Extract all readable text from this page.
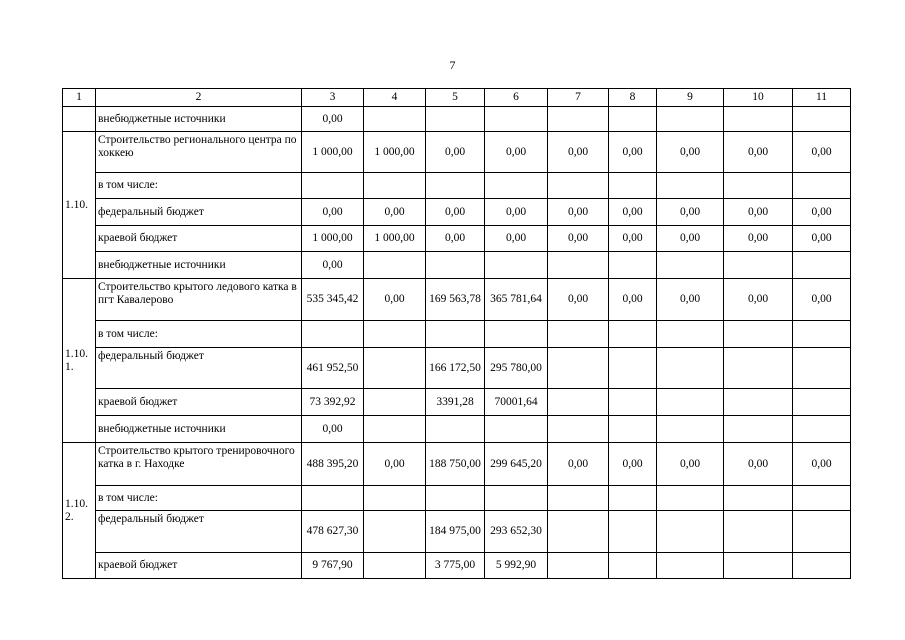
7
1	2	3	4	5	6	7	8	9	10	11
	внебюджетные источники	0,00								
1.10.	Строительство регионального центра по хоккею	1 000,00	1 000,00	0,00	0,00	0,00	0,00	0,00	0,00	0,00
	в том числе:									
	федеральный бюджет	0,00	0,00	0,00	0,00	0,00	0,00	0,00	0,00	0,00
	краевой бюджет	1 000,00	1 000,00	0,00	0,00	0,00	0,00	0,00	0,00	0,00
	внебюджетные источники	0,00								
1.10. 1.	Строительство крытого ледового катка в пгт Кавалерово	535 345,42	0,00	169 563,78	365 781,64	0,00	0,00	0,00	0,00	0,00
	в том числе:									
	федеральный бюджет	461 952,50		166 172,50	295 780,00					
	краевой бюджет	73 392,92		3391,28	70001,64					
	внебюджетные источники	0,00								
1.10. 2.	Строительство крытого тренировочного катка в г. Находке	488 395,20	0,00	188 750,00	299 645,20	0,00	0,00	0,00	0,00	0,00
	в том числе:									
	федеральный бюджет	478 627,30		184 975,00	293 652,30					
	краевой бюджет	9 767,90		3 775,00	5 992,90					
